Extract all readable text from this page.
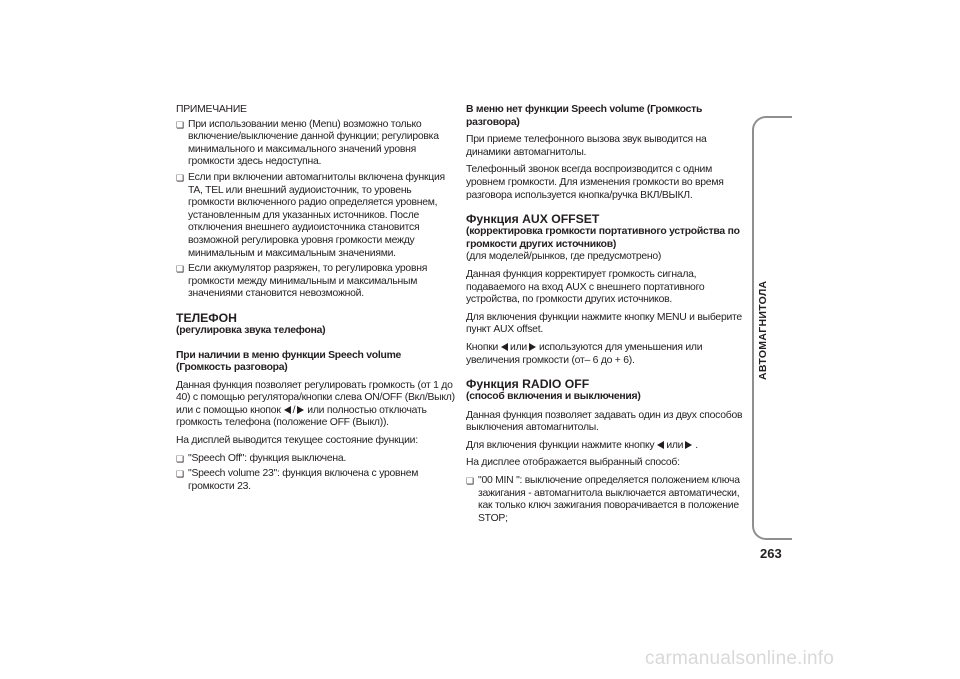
ПРИМЕЧАНИЕ

❏ При использовании меню (Menu) возможно только включение/выключение данной функции; регулировка минимального и максимального значений уровня громкости здесь недоступна.

❏ Если при включении автомагнитолы включена функция TA, TEL или внешний аудиоисточник, то уровень громкости включенного радио определяется уровнем, установленным для указанных источников. После отключения внешнего аудиоисточника становится возможной регулировка уровня громкости между минимальным и максимальным значениями.

❏ Если аккумулятор разряжен, то регулировка уровня громкости между минимальным и максимальным значениями становится невозможной.

ТЕЛЕФОН
(регулировка звука телефона)
При наличии в меню функции Speech volume
(Громкость разговора)

Данная функция позволяет регулировать громкость (от 1 до 40) с помощью регулятора/кнопки слева ON/OFF (Вкл/Выкл) или с помощью кнопок / или полностью отключать громкость телефона (положение OFF (Выкл)).

На дисплей выводится текущее состояние функции:

❏ "Speech Off": функция выключена.

❏ "Speech volume 23": функция включена с уровнем громкости 23.

В меню нет функции Speech volume (Громкость разговора)

При приеме телефонного вызова звук выводится на динамики автомагнитолы.

Телефонный звонок всегда воспроизводится с одним уровнем громкости. Для изменения громкости во время разговора используется кнопка/ручка ВКЛ/ВЫКЛ.

Функция AUX OFFSET
(корректировка громкости портативного устройства по громкости других источников)

(для моделей/рынков, где предусмотрено)

Данная функция корректирует громкость сигнала, подаваемого на вход AUX с внешнего портативного устройства, по громкости других источников.

Для включения функции нажмите кнопку MENU и выберите пункт AUX offset.

Кнопки или используются для уменьшения или увеличения громкости (от– 6 до + 6).

Функция RADIO OFF
(способ включения и выключения)

Данная функция позволяет задавать один из двух способов выключения автомагнитолы.

Для включения функции нажмите кнопку или .

На дисплее отображается выбранный способ:

❏ "00 MIN ": выключение определяется положением ключа зажигания - автомагнитола выключается автоматически, как только ключ зажигания поворачивается в положение STOP;

АВТОМАГНИТОЛА
263
carmanualsonline.info
